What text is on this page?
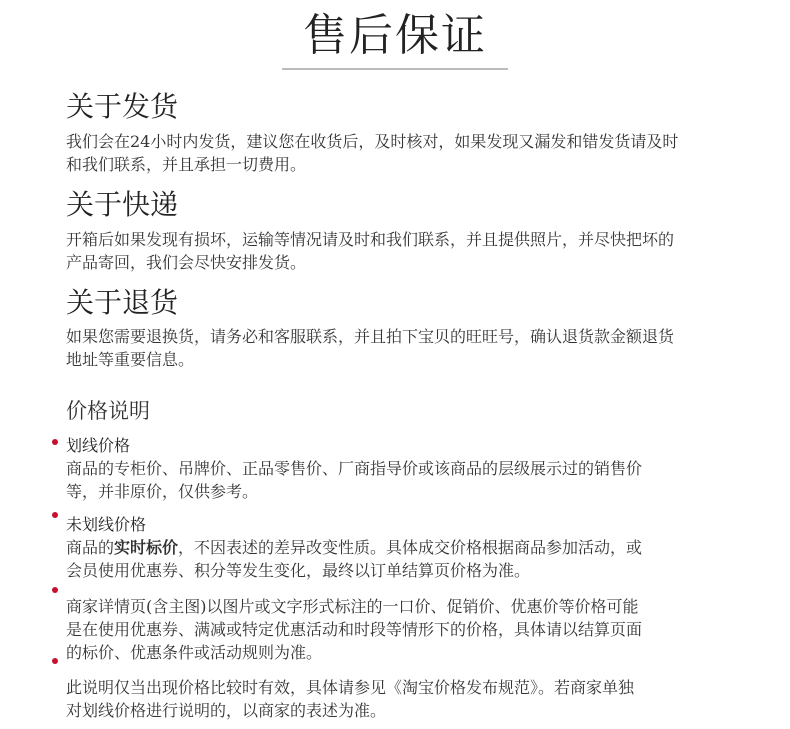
售后保证
关于发货
我们会在24小时内发货，建议您在收货后，及时核对，如果发现又漏发和错发货请及时
和我们联系，并且承担一切费用。
关于快递
开箱后如果发现有损坏，运输等情况请及时和我们联系，并且提供照片，并尽快把坏的
产品寄回，我们会尽快安排发货。
关于退货
如果您需要退换货，请务必和客服联系，并且拍下宝贝的旺旺号，确认退货款金额退货
地址等重要信息。
价格说明
划线价格
商品的专柜价、吊牌价、正品零售价、厂商指导价或该商品的层级展示过的销售价
等，并非原价，仅供参考。
未划线价格
商品的实时标价，不因表述的差异改变性质。具体成交价格根据商品参加活动，或
会员使用优惠券、积分等发生变化，最终以订单结算页价格为准。
商家详情页(含主图)以图片或文字形式标注的一口价、促销价、优惠价等价格可能
是在使用优惠券、满减或特定优惠活动和时段等情形下的价格，具体请以结算页面
的标价、优惠条件或活动规则为准。
此说明仅当出现价格比较时有效，具体请参见《淘宝价格发布规范》。若商家单独
对划线价格进行说明的，以商家的表述为准。
